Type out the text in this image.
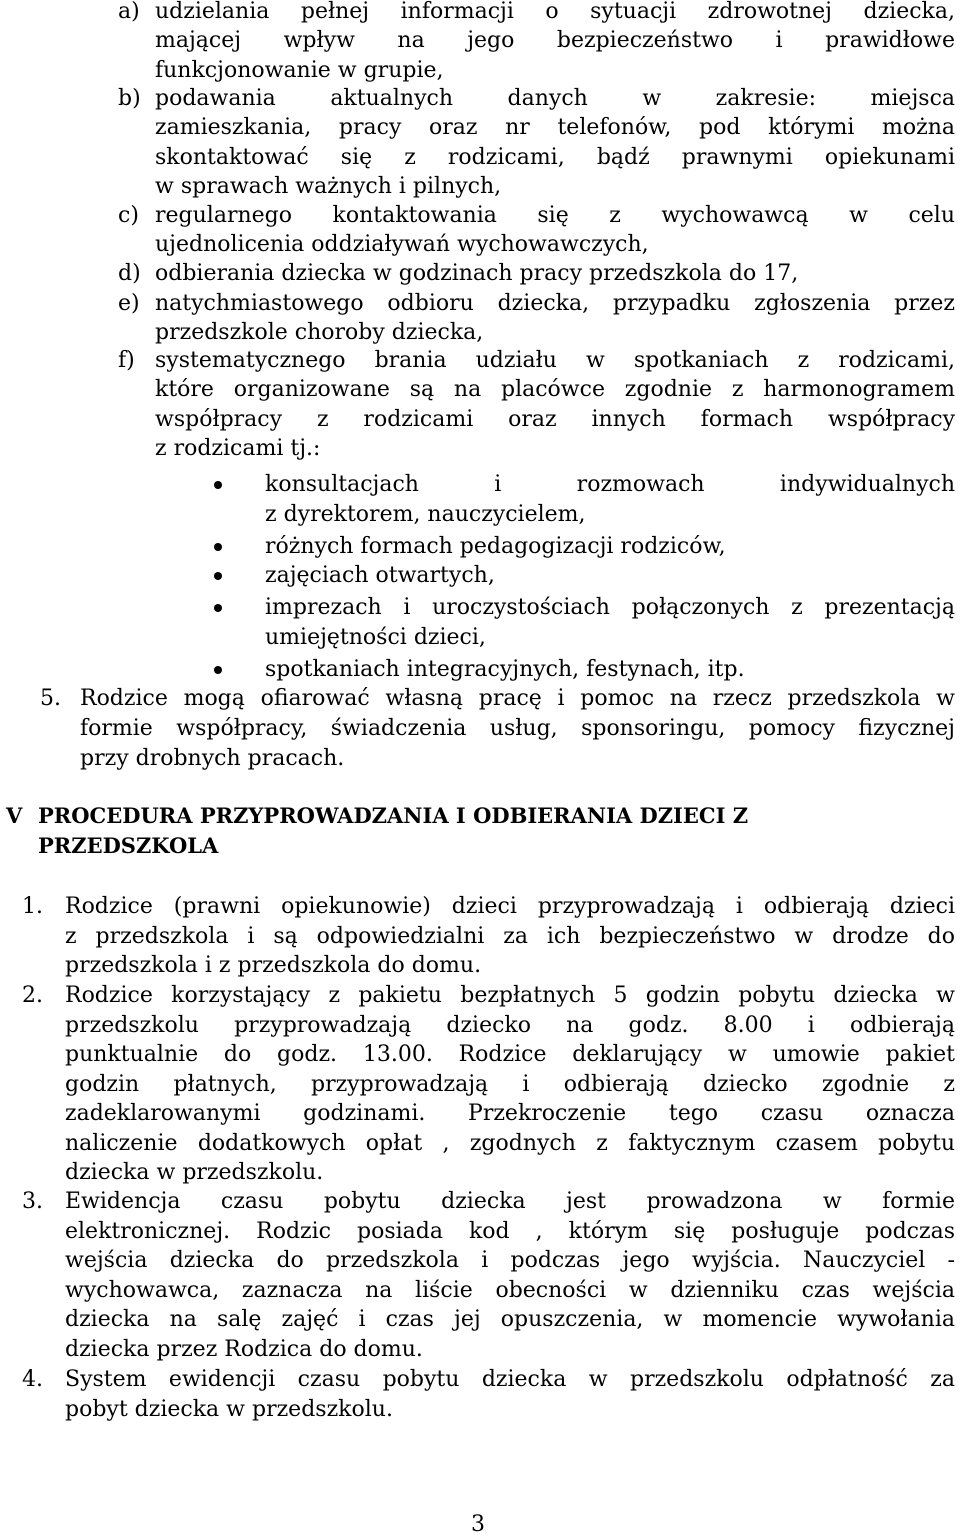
a) udzielania pełnej informacji o sytuacji zdrowotnej dziecka,
mającej wpływ na jego bezpieczeństwo i prawidłowe
funkcjonowanie w grupie,
b) podawania aktualnych danych w zakresie: miejsca
zamieszkania, pracy oraz nr telefonów, pod którymi można
skontaktować się z rodzicami, bądź prawnymi opiekunami
w sprawach ważnych i pilnych,
c) regularnego kontaktowania się z wychowawcą w celu
ujednolicenia oddziaływań wychowawczych,
d) odbierania dziecka w godzinach pracy przedszkola do 17,
e) natychmiastowego odbioru dziecka, przypadku zgłoszenia przez
przedszkole choroby dziecka,
f) systematycznego brania udziału w spotkaniach z rodzicami,
które organizowane są na placówce zgodnie z harmonogramem
współpracy z rodzicami oraz innych formach współpracy
z rodzicami tj.:
konsultacjach i rozmowach indywidualnych
z dyrektorem, nauczycielem,
różnych formach pedagogizacji rodziców,
zajęciach otwartych,
imprezach i uroczystościach połączonych z prezentacją
umiejętności dzieci,
spotkaniach integracyjnych, festynach, itp.
5. Rodzice mogą ofiarować własną pracę i pomoc na rzecz przedszkola w
formie współpracy, świadczenia usług, sponsoringu, pomocy fizycznej
przy drobnych pracach.
V PROCEDURA PRZYPROWADZANIA I ODBIERANIA DZIECI Z
PRZEDSZKOLA
1. Rodzice (prawni opiekunowie) dzieci przyprowadzają i odbierają dzieci
z przedszkola i są odpowiedzialni za ich bezpieczeństwo w drodze do
przedszkola i z przedszkola do domu.
2. Rodzice korzystający z pakietu bezpłatnych 5 godzin pobytu dziecka w
przedszkolu przyprowadzają dziecko na godz. 8.00 i odbierają
punktualnie do godz. 13.00. Rodzice deklarujący w umowie pakiet
godzin płatnych, przyprowadzają i odbierają dziecko zgodnie z
zadeklarowanymi godzinami. Przekroczenie tego czasu oznacza
naliczenie dodatkowych opłat , zgodnych z faktycznym czasem pobytu
dziecka w przedszkolu.
3. Ewidencja czasu pobytu dziecka jest prowadzona w formie
elektronicznej. Rodzic posiada kod , którym się posługuje podczas
wejścia dziecka do przedszkola i podczas jego wyjścia. Nauczyciel -
wychowawca, zaznacza na liście obecności w dzienniku czas wejścia
dziecka na salę zajęć i czas jej opuszczenia, w momencie wywołania
dziecka przez Rodzica do domu.
4. System ewidencji czasu pobytu dziecka w przedszkolu odpłatność za
pobyt dziecka w przedszkolu.
3
